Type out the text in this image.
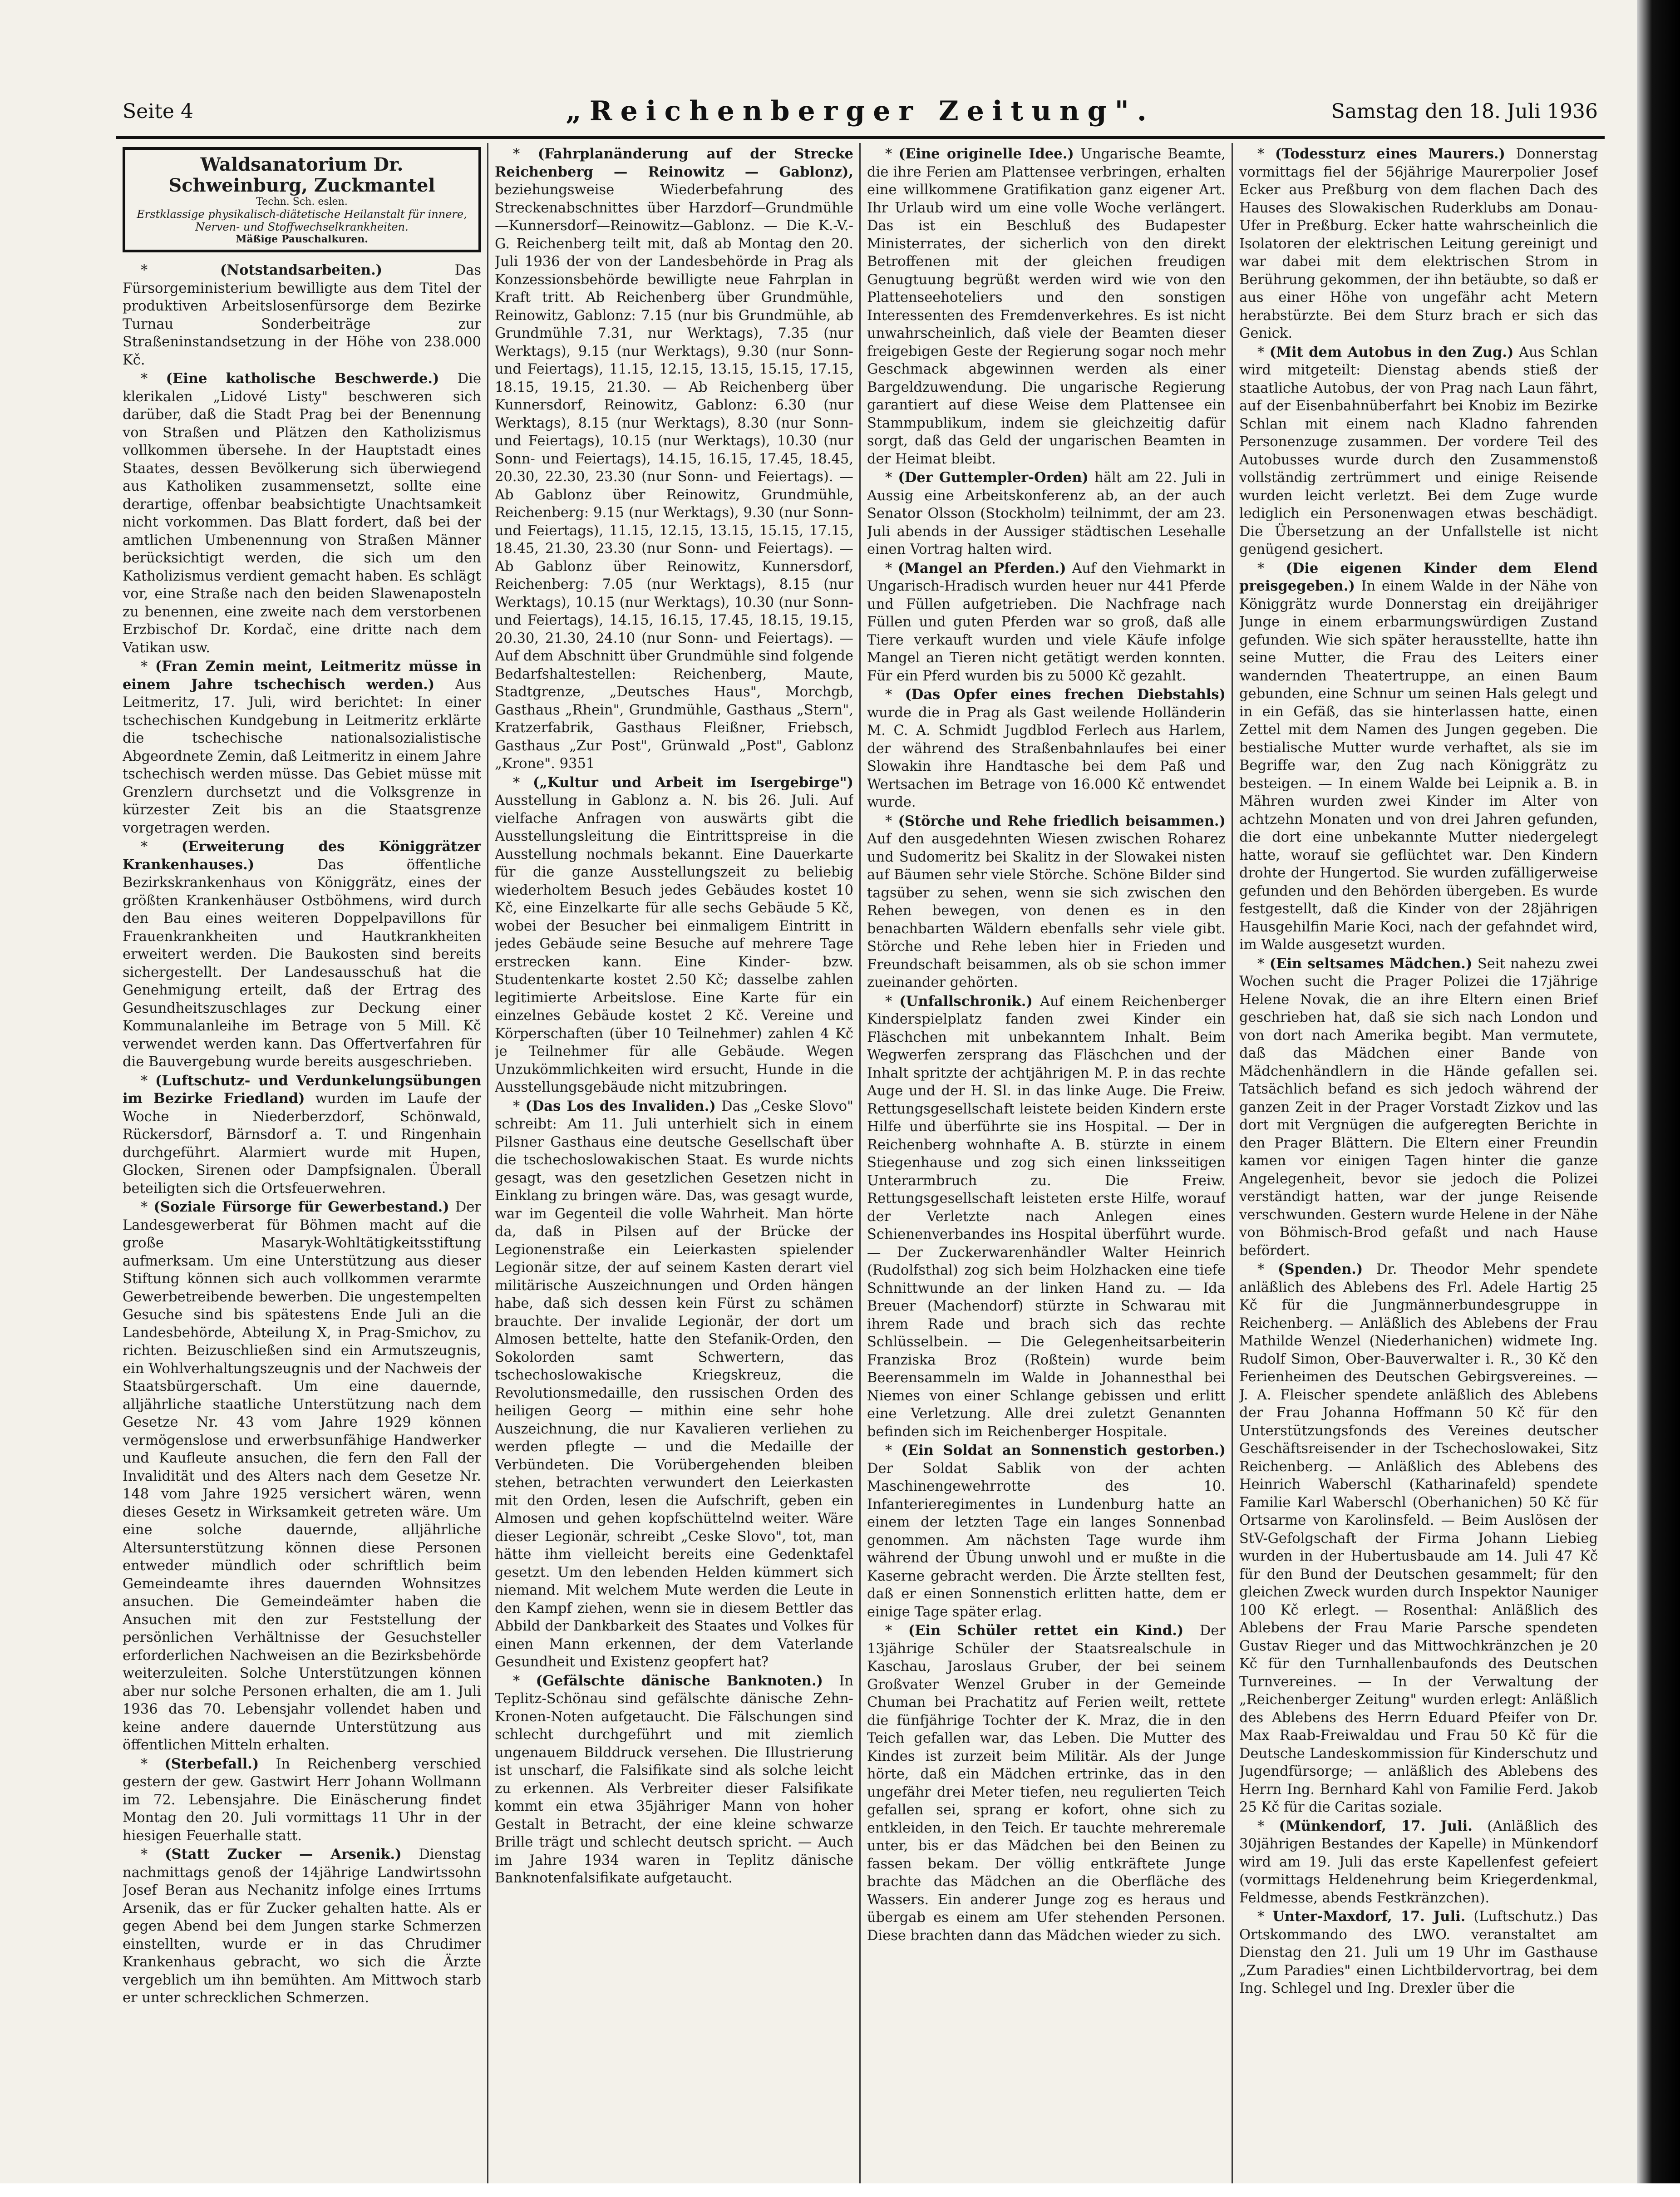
Seite 4	„Reichenberger Zeitung".	Samstag den 18. Juli 1936
Waldsanatorium Dr. Schweinburg, Zuckmantel
Techn. Sch. eslen.
Erstklassige physikalisch-diätetische Heilanstalt für innere, Nerven- und Stoffwechselkrankheiten.
Mäßige Pauschalkuren.

* (Notstandsarbeiten.)	Das Fürsorgeministerium bewilligte aus dem Titel der produktiven Arbeitslosenfürsorge dem Bezirke Turnau Sonderbeiträge zur Straßeninstandsetzung in der Höhe von 238.000 Kč.

* (Eine katholische Beschwerde.) Die klerikalen „Lidové Listy" beschweren sich darüber, daß die Stadt Prag bei der Benennung von Straßen und Plätzen den Katholizismus vollkommen übersehe. In der Hauptstadt eines Staates, dessen Bevölkerung sich überwiegend aus Katholiken zusammensetzt, sollte eine derartige, offenbar beabsichtigte Unachtsamkeit nicht vorkommen. Das Blatt fordert, daß bei der amtlichen Umbenennung von Straßen Männer berücksichtigt werden, die sich um den Katholizismus verdient gemacht haben. Es schlägt vor, eine Straße nach den beiden Slawenaposteln zu benennen, eine zweite nach dem verstorbenen Erzbischof Dr. Kordač, eine dritte nach dem Vatikan usw.

* (Fran Zemin meint, Leitmeritz müsse in einem Jahre tschechisch werden.) Aus Leitmeritz, 17. Juli, wird berichtet: In einer tschechischen Kundgebung in Leitmeritz erklärte die tschechische nationalsozialistische Abgeordnete Zemin, daß Leitmeritz in einem Jahre tschechisch werden müsse. Das Gebiet müsse mit Grenzlern durchsetzt und die Volksgrenze in kürzester Zeit bis an die Staatsgrenze vorgetragen werden.

* (Erweiterung des Königgrätzer Krankenhauses.)	Das öffentliche Bezirkskrankenhaus von Königgrätz, eines der größten Krankenhäuser Ostböhmens, wird durch den Bau eines weiteren Doppelpavillons für Frauenkrankheiten und Hautkrankheiten erweitert werden. Die Baukosten sind bereits sichergestellt. Der Landesausschuß hat die Genehmigung erteilt, daß der Ertrag des Gesundheitszuschlages zur Deckung einer Kommunalanleihe im Betrage von 5 Mill. Kč verwendet werden kann. Das Offertverfahren für die Bauvergebung wurde bereits ausgeschrieben.

* (Luftschutz- und Verdunkelungsübungen im Bezirke Friedland) wurden im Laufe der Woche in Niederberzdorf, Schönwald, Rückersdorf, Bärnsdorf a. T. und Ringenhain durchgeführt. Alarmiert wurde mit Hupen, Glocken, Sirenen oder Dampfsignalen. Überall beteiligten sich die Ortsfeuerwehren.

* (Soziale Fürsorge für Gewerbestand.) Der Landesgewerberat für Böhmen macht auf die große Masaryk-Wohltätigkeitsstiftung aufmerksam. Um eine Unterstützung aus dieser Stiftung können sich auch vollkommen verarmte Gewerbetreibende bewerben. Die ungestempelten Gesuche sind bis spätestens Ende Juli an die Landesbehörde, Abteilung X, in Prag-Smichov, zu richten. Beizuschließen sind ein Armutszeugnis, ein Wohlverhaltungszeugnis und der Nachweis der Staatsbürgerschaft. Um eine dauernde, alljährliche staatliche Unterstützung nach dem Gesetze Nr. 43 vom Jahre 1929 können vermögenslose und erwerbsunfähige Handwerker und Kaufleute ansuchen, die fern den Fall der Invalidität und des Alters nach dem Gesetze Nr. 148 vom Jahre 1925 versichert wären, wenn dieses Gesetz in Wirksamkeit getreten wäre. Um eine solche dauernde, alljährliche Altersunterstützung können diese Personen entweder mündlich oder schriftlich beim Gemeindeamte ihres dauernden Wohnsitzes ansuchen. Die Gemeindeämter haben die Ansuchen mit den zur Feststellung der persönlichen Verhältnisse der Gesuchsteller erforderlichen Nachweisen an die Bezirksbehörde weiterzuleiten. Solche Unterstützungen können aber nur solche Personen erhalten, die am 1. Juli 1936 das 70. Lebensjahr vollendet haben und keine andere dauernde Unterstützung aus öffentlichen Mitteln erhalten.

* (Sterbefall.) In Reichenberg verschied gestern der gew. Gastwirt Herr Johann Wollmann im 72. Lebensjahre. Die Einäscherung findet Montag den 20. Juli vormittags 11 Uhr in der hiesigen Feuerhalle statt.

* (Statt Zucker — Arsenik.) Dienstag nachmittags genoß der 14jährige Landwirtssohn Josef Beran aus Nechanitz infolge eines Irrtums Arsenik, das er für Zucker gehalten hatte. Als er gegen Abend bei dem Jungen starke Schmerzen einstellten, wurde er in das Chrudimer Krankenhaus gebracht, wo sich die Ärzte vergeblich um ihn bemühten. Am Mittwoch starb er unter schrecklichen Schmerzen.

* (Fahrplanänderung auf der Strecke Reichenberg — Reinowitz — Gablonz), beziehungsweise Wiederbefahrung des Streckenabschnittes über Harzdorf—Grundmühle—Kunnersdorf—Reinowitz—Gablonz. — Die K.-V.-G. Reichenberg teilt mit, daß ab Montag den 20. Juli 1936 der von der Landesbehörde in Prag als Konzessionsbehörde bewilligte neue Fahrplan in Kraft tritt. Ab Reichenberg über Grundmühle, Reinowitz, Gablonz: 7.15 (nur bis Grundmühle, ab Grundmühle 7.31, nur Werktags), 7.35 (nur Werktags), 9.15 (nur Werktags), 9.30 (nur Sonn- und Feiertags), 11.15, 12.15, 13.15, 15.15, 17.15, 18.15, 19.15, 21.30. — Ab Reichenberg über Kunnersdorf, Reinowitz, Gablonz: 6.30 (nur Werktags), 8.15 (nur Werktags), 8.30 (nur Sonn- und Feiertags), 10.15 (nur Werktags), 10.30 (nur Sonn- und Feiertags), 14.15, 16.15, 17.45, 18.45, 20.30, 22.30, 23.30 (nur Sonn- und Feiertags). — Ab Gablonz über Reinowitz, Grundmühle, Reichenberg: 9.15 (nur Werktags), 9.30 (nur Sonn- und Feiertags), 11.15, 12.15, 13.15, 15.15, 17.15, 18.45, 21.30, 23.30 (nur Sonn- und Feiertags). — Ab Gablonz über Reinowitz, Kunnersdorf, Reichenberg: 7.05 (nur Werktags), 8.15 (nur Werktags), 10.15 (nur Werktags), 10.30 (nur Sonn- und Feiertags), 14.15, 16.15, 17.45, 18.15, 19.15, 20.30, 21.30, 24.10 (nur Sonn- und Feiertags). — Auf dem Abschnitt über Grundmühle sind folgende Bedarfshaltestellen: Reichenberg, Maute, Stadtgrenze, „Deutsches Haus", Morchgb, Gasthaus „Rhein", Grundmühle, Gasthaus „Stern", Kratzerfabrik, Gasthaus Fleißner, Friebsch, Gasthaus „Zur Post", Grünwald „Post", Gablonz „Krone". 9351

* („Kultur und Arbeit im Isergebirge") Ausstellung in Gablonz a. N. bis 26. Juli. Auf vielfache Anfragen von auswärts gibt die Ausstellungsleitung die Eintrittspreise in die Ausstellung nochmals bekannt. Eine Dauerkarte für die ganze Ausstellungszeit zu beliebig wiederholtem Besuch jedes Gebäudes kostet 10 Kč, eine Einzelkarte für alle sechs Gebäude 5 Kč, wobei der Besucher bei einmaligem Eintritt in jedes Gebäude seine Besuche auf mehrere Tage erstrecken kann. Eine Kinder- bzw. Studentenkarte kostet 2.50 Kč; dasselbe zahlen legitimierte Arbeitslose. Eine Karte für ein einzelnes Gebäude kostet 2 Kč. Vereine und Körperschaften (über 10 Teilnehmer) zahlen 4 Kč je Teilnehmer für alle Gebäude. Wegen Unzukömmlichkeiten wird ersucht, Hunde in die Ausstellungsgebäude nicht mitzubringen.

* (Das Los des Invaliden.) Das „Ceske Slovo" schreibt: Am 11. Juli unterhielt sich in einem Pilsner Gasthaus eine deutsche Gesellschaft über die tschechoslowakischen Staat. Es wurde nichts gesagt, was den gesetzlichen Gesetzen nicht in Einklang zu bringen wäre. Das, was gesagt wurde, war im Gegenteil die volle Wahrheit. Man hörte da, daß in Pilsen auf der Brücke der Legionenstraße ein Leierkasten spielender Legionär sitze, der auf seinem Kasten derart viel militärische Auszeichnungen und Orden hängen habe, daß sich dessen kein Fürst zu schämen brauchte. Der invalide Legionär, der dort um Almosen bettelte, hatte den Stefanik-Orden, den Sokolorden samt Schwertern, das tschechoslowakische Kriegskreuz, die Revolutionsmedaille, den russischen Orden des heiligen Georg — mithin eine sehr hohe Auszeichnung, die nur Kavalieren verliehen zu werden pflegte — und die Medaille der Verbündeten. Die Vorübergehenden bleiben stehen, betrachten verwundert den Leierkasten mit den Orden, lesen die Aufschrift, geben ein Almosen und gehen kopfschüttelnd weiter. Wäre dieser Legionär, schreibt „Ceske Slovo", tot, man hätte ihm vielleicht bereits eine Gedenktafel gesetzt. Um den lebenden Helden kümmert sich niemand. Mit welchem Mute werden die Leute in den Kampf ziehen, wenn sie in diesem Bettler das Abbild der Dankbarkeit des Staates und Volkes für einen Mann erkennen, der dem Vaterlande Gesundheit und Existenz geopfert hat?

* (Gefälschte dänische Banknoten.) In Teplitz-Schönau sind gefälschte dänische Zehn-Kronen-Noten aufgetaucht. Die Fälschungen sind schlecht durchgeführt und mit ziemlich ungenauem Bilddruck versehen. Die Illustrierung ist unscharf, die Falsifikate sind als solche leicht zu erkennen. Als Verbreiter dieser Falsifikate kommt ein etwa 35jähriger Mann von hoher Gestalt in Betracht, der eine kleine schwarze Brille trägt und schlecht deutsch spricht. — Auch im Jahre 1934 waren in Teplitz dänische Banknotenfalsifikate aufgetaucht.

* (Eine originelle Idee.) Ungarische Beamte, die ihre Ferien am Plattensee verbringen, erhalten eine willkommene Gratifikation ganz eigener Art. Ihr Urlaub wird um eine volle Woche verlängert. Das ist ein Beschluß des Budapester Ministerrates, der sicherlich von den direkt Betroffenen mit der gleichen freudigen Genugtuung begrüßt werden wird wie von den Plattenseehoteliers und den sonstigen Interessenten des Fremdenverkehres. Es ist nicht unwahrscheinlich, daß viele der Beamten dieser freigebigen Geste der Regierung sogar noch mehr Geschmack abgewinnen werden als einer Bargeldzuwendung. Die ungarische Regierung garantiert auf diese Weise dem Plattensee ein Stammpublikum, indem sie gleichzeitig dafür sorgt, daß das Geld der ungarischen Beamten in der Heimat bleibt.

* (Der Guttempler-Orden) hält am 22. Juli in Aussig eine Arbeitskonferenz ab, an der auch Senator Olsson (Stockholm) teilnimmt, der am 23. Juli abends in der Aussiger städtischen Lesehalle einen Vortrag halten wird.

* (Mangel an Pferden.) Auf den Viehmarkt in Ungarisch-Hradisch wurden heuer nur 441 Pferde und Füllen aufgetrieben. Die Nachfrage nach Füllen und guten Pferden war so groß, daß alle Tiere verkauft wurden und viele Käufe infolge Mangel an Tieren nicht getätigt werden konnten. Für ein Pferd wurden bis zu 5000 Kč gezahlt.

* (Das Opfer eines frechen Diebstahls) wurde die in Prag als Gast weilende Holländerin M. C. A. Schmidt Jugdblod Ferlech aus Harlem, der während des Straßenbahnlaufes bei einer Slowakin ihre Handtasche bei dem Paß und Wertsachen im Betrage von 16.000 Kč entwendet wurde.

* (Störche und Rehe friedlich beisammen.) Auf den ausgedehnten Wiesen zwischen Roharez und Sudomeritz bei Skalitz in der Slowakei nisten auf Bäumen sehr viele Störche. Schöne Bilder sind tagsüber zu sehen, wenn sie sich zwischen den Rehen bewegen, von denen es in den benachbarten Wäldern ebenfalls sehr viele gibt. Störche und Rehe leben hier in Frieden und Freundschaft beisammen, als ob sie schon immer zueinander gehörten.

* (Unfallschronik.) Auf einem Reichenberger Kinderspielplatz fanden zwei Kinder ein Fläschchen mit unbekanntem Inhalt. Beim Wegwerfen zersprang das Fläschchen und der Inhalt spritzte der achtjährigen M. P. in das rechte Auge und der H. Sl. in das linke Auge. Die Freiw. Rettungsgesellschaft leistete beiden Kindern erste Hilfe und überführte sie ins Hospital. — Der in Reichenberg wohnhafte A. B. stürzte in einem Stiegenhause und zog sich einen linksseitigen Unterarmbruch zu. Die Freiw. Rettungsgesellschaft leisteten erste Hilfe, worauf der Verletzte nach Anlegen eines Schienenverbandes ins Hospital überführt wurde. — Der Zuckerwarenhändler Walter Heinrich (Rudolfsthal) zog sich beim Holzhacken eine tiefe Schnittwunde an der linken Hand zu. — Ida Breuer (Machendorf) stürzte in Schwarau mit ihrem Rade und brach sich das rechte Schlüsselbein. — Die Gelegenheitsarbeiterin Franziska Broz (Roßtein) wurde beim Beerensammeln im Walde in Johannesthal bei Niemes von einer Schlange gebissen und erlitt eine Verletzung. Alle drei zuletzt Genannten befinden sich im Reichenberger Hospitale.

* (Ein Soldat an Sonnenstich gestorben.) Der Soldat Sablik von der achten Maschinengewehrrotte des 10. Infanterieregimentes in Lundenburg hatte an einem der letzten Tage ein langes Sonnenbad genommen. Am nächsten Tage wurde ihm während der Übung unwohl und er mußte in die Kaserne gebracht werden. Die Ärzte stellten fest, daß er einen Sonnenstich erlitten hatte, dem er einige Tage später erlag.

* (Ein Schüler rettet ein Kind.) Der 13jährige Schüler der Staatsrealschule in Kaschau, Jaroslaus Gruber, der bei seinem Großvater Wenzel Gruber in der Gemeinde Chuman bei Prachatitz auf Ferien weilt, rettete die fünfjährige Tochter der K. Mraz, die in den Teich gefallen war, das Leben. Die Mutter des Kindes ist zurzeit beim Militär. Als der Junge hörte, daß ein Mädchen ertrinke, das in den ungefähr drei Meter tiefen, neu regulierten Teich gefallen sei, sprang er kofort, ohne sich zu entkleiden, in den Teich. Er tauchte mehreremale unter, bis er das Mädchen bei den Beinen zu fassen bekam. Der völlig entkräftete Junge brachte das Mädchen an die Oberfläche des Wassers. Ein anderer Junge zog es heraus und übergab es einem am Ufer stehenden Personen. Diese brachten dann das Mädchen wieder zu sich.

* (Todessturz eines Maurers.) Donnerstag vormittags fiel der 56jährige Maurerpolier Josef Ecker aus Preßburg von dem flachen Dach des Hauses des Slowakischen Ruderklubs am Donau-Ufer in Preßburg. Ecker hatte wahrscheinlich die Isolatoren der elektrischen Leitung gereinigt und war dabei mit dem elektrischen Strom in Berührung gekommen, der ihn betäubte, so daß er aus einer Höhe von ungefähr acht Metern herabstürzte. Bei dem Sturz brach er sich das Genick.

* (Mit dem Autobus in den Zug.) Aus Schlan wird mitgeteilt: Dienstag abends stieß der staatliche Autobus, der von Prag nach Laun fährt, auf der Eisenbahnüberfahrt bei Knobiz im Bezirke Schlan mit einem nach Kladno fahrenden Personenzuge zusammen. Der vordere Teil des Autobusses wurde durch den Zusammenstoß vollständig zertrümmert und einige Reisende wurden leicht verletzt. Bei dem Zuge wurde lediglich ein Personenwagen etwas beschädigt. Die Übersetzung an der Unfallstelle ist nicht genügend gesichert.

* (Die eigenen Kinder dem Elend preisgegeben.) In einem Walde in der Nähe von Königgrätz wurde Donnerstag ein dreijähriger Junge in einem erbarmungswürdigen Zustand gefunden. Wie sich später herausstellte, hatte ihn seine Mutter, die Frau des Leiters einer wandernden Theatertruppe, an einen Baum gebunden, eine Schnur um seinen Hals gelegt und in ein Gefäß, das sie hinterlassen hatte, einen Zettel mit dem Namen des Jungen gegeben. Die bestialische Mutter wurde verhaftet, als sie im Begriffe war, den Zug nach Königgrätz zu besteigen. — In einem Walde bei Leipnik a. B. in Mähren wurden zwei Kinder im Alter von achtzehn Monaten und von drei Jahren gefunden, die dort eine unbekannte Mutter niedergelegt hatte, worauf sie geflüchtet war. Den Kindern drohte der Hungertod. Sie wurden zufälligerweise gefunden und den Behörden übergeben. Es wurde festgestellt, daß die Kinder von der 28jährigen Hausgehilfin Marie Koci, nach der gefahndet wird, im Walde ausgesetzt wurden.

* (Ein seltsames Mädchen.) Seit nahezu zwei Wochen sucht die Prager Polizei die 17jährige Helene Novak, die an ihre Eltern einen Brief geschrieben hat, daß sie sich nach London und von dort nach Amerika begibt. Man vermutete, daß das Mädchen einer Bande von Mädchenhändlern in die Hände gefallen sei. Tatsächlich befand es sich jedoch während der ganzen Zeit in der Prager Vorstadt Zizkov und las dort mit Vergnügen die aufgeregten Berichte in den Prager Blättern. Die Eltern einer Freundin kamen vor einigen Tagen hinter die ganze Angelegenheit, bevor sie jedoch die Polizei verständigt hatten, war der junge Reisende verschwunden. Gestern wurde Helene in der Nähe von Böhmisch-Brod gefaßt und nach Hause befördert.

* (Spenden.) Dr. Theodor Mehr spendete anläßlich des Ablebens des Frl. Adele Hartig 25 Kč für die Jungmännerbundesgruppe in Reichenberg. — Anläßlich des Ablebens der Frau Mathilde Wenzel (Niederhanichen) widmete Ing. Rudolf Simon, Ober-Bauverwalter i. R., 30 Kč den Ferienheimen des Deutschen Gebirgsvereines. — J. A. Fleischer spendete anläßlich des Ablebens der Frau Johanna Hoffmann 50 Kč für den Unterstützungsfonds des Vereines deutscher Geschäftsreisender in der Tschechoslowakei, Sitz Reichenberg. — Anläßlich des Ablebens des Heinrich Waberschl (Katharinafeld) spendete Familie Karl Waberschl (Oberhanichen) 50 Kč für Ortsarme von Karolinsfeld. — Beim Auslösen der StV-Gefolgschaft der Firma Johann Liebieg wurden in der Hubertusbaude am 14. Juli 47 Kč für den Bund der Deutschen gesammelt; für den gleichen Zweck wurden durch Inspektor Nauniger 100 Kč erlegt. — Rosenthal: Anläßlich des Ablebens der Frau Marie Parsche spendeten Gustav Rieger und das Mittwochkränzchen je 20 Kč für den Turnhallenbaufonds des Deutschen Turnvereines. — In der Verwaltung der „Reichenberger Zeitung" wurden erlegt: Anläßlich des Ablebens des Herrn Eduard Pfeifer von Dr. Max Raab-Freiwaldau und Frau 50 Kč für die Deutsche Landeskommission für Kinderschutz und Jugendfürsorge; — anläßlich des Ablebens des Herrn Ing. Bernhard Kahl von Familie Ferd. Jakob 25 Kč für die Caritas soziale.

* (Münkendorf, 17. Juli. (Anläßlich des 30jährigen Bestandes der Kapelle) in Münkendorf wird am 19. Juli das erste Kapellenfest gefeiert (vormittags Heldenehrung beim Kriegerdenkmal, Feldmesse, abends Festkränzchen).

* Unter-Maxdorf, 17. Juli. (Luftschutz.) Das Ortskommando des LWO. veranstaltet am Dienstag den 21. Juli um 19 Uhr im Gasthause „Zum Paradies" einen Lichtbildervortrag, bei dem Ing. Schlegel und Ing. Drexler über die
